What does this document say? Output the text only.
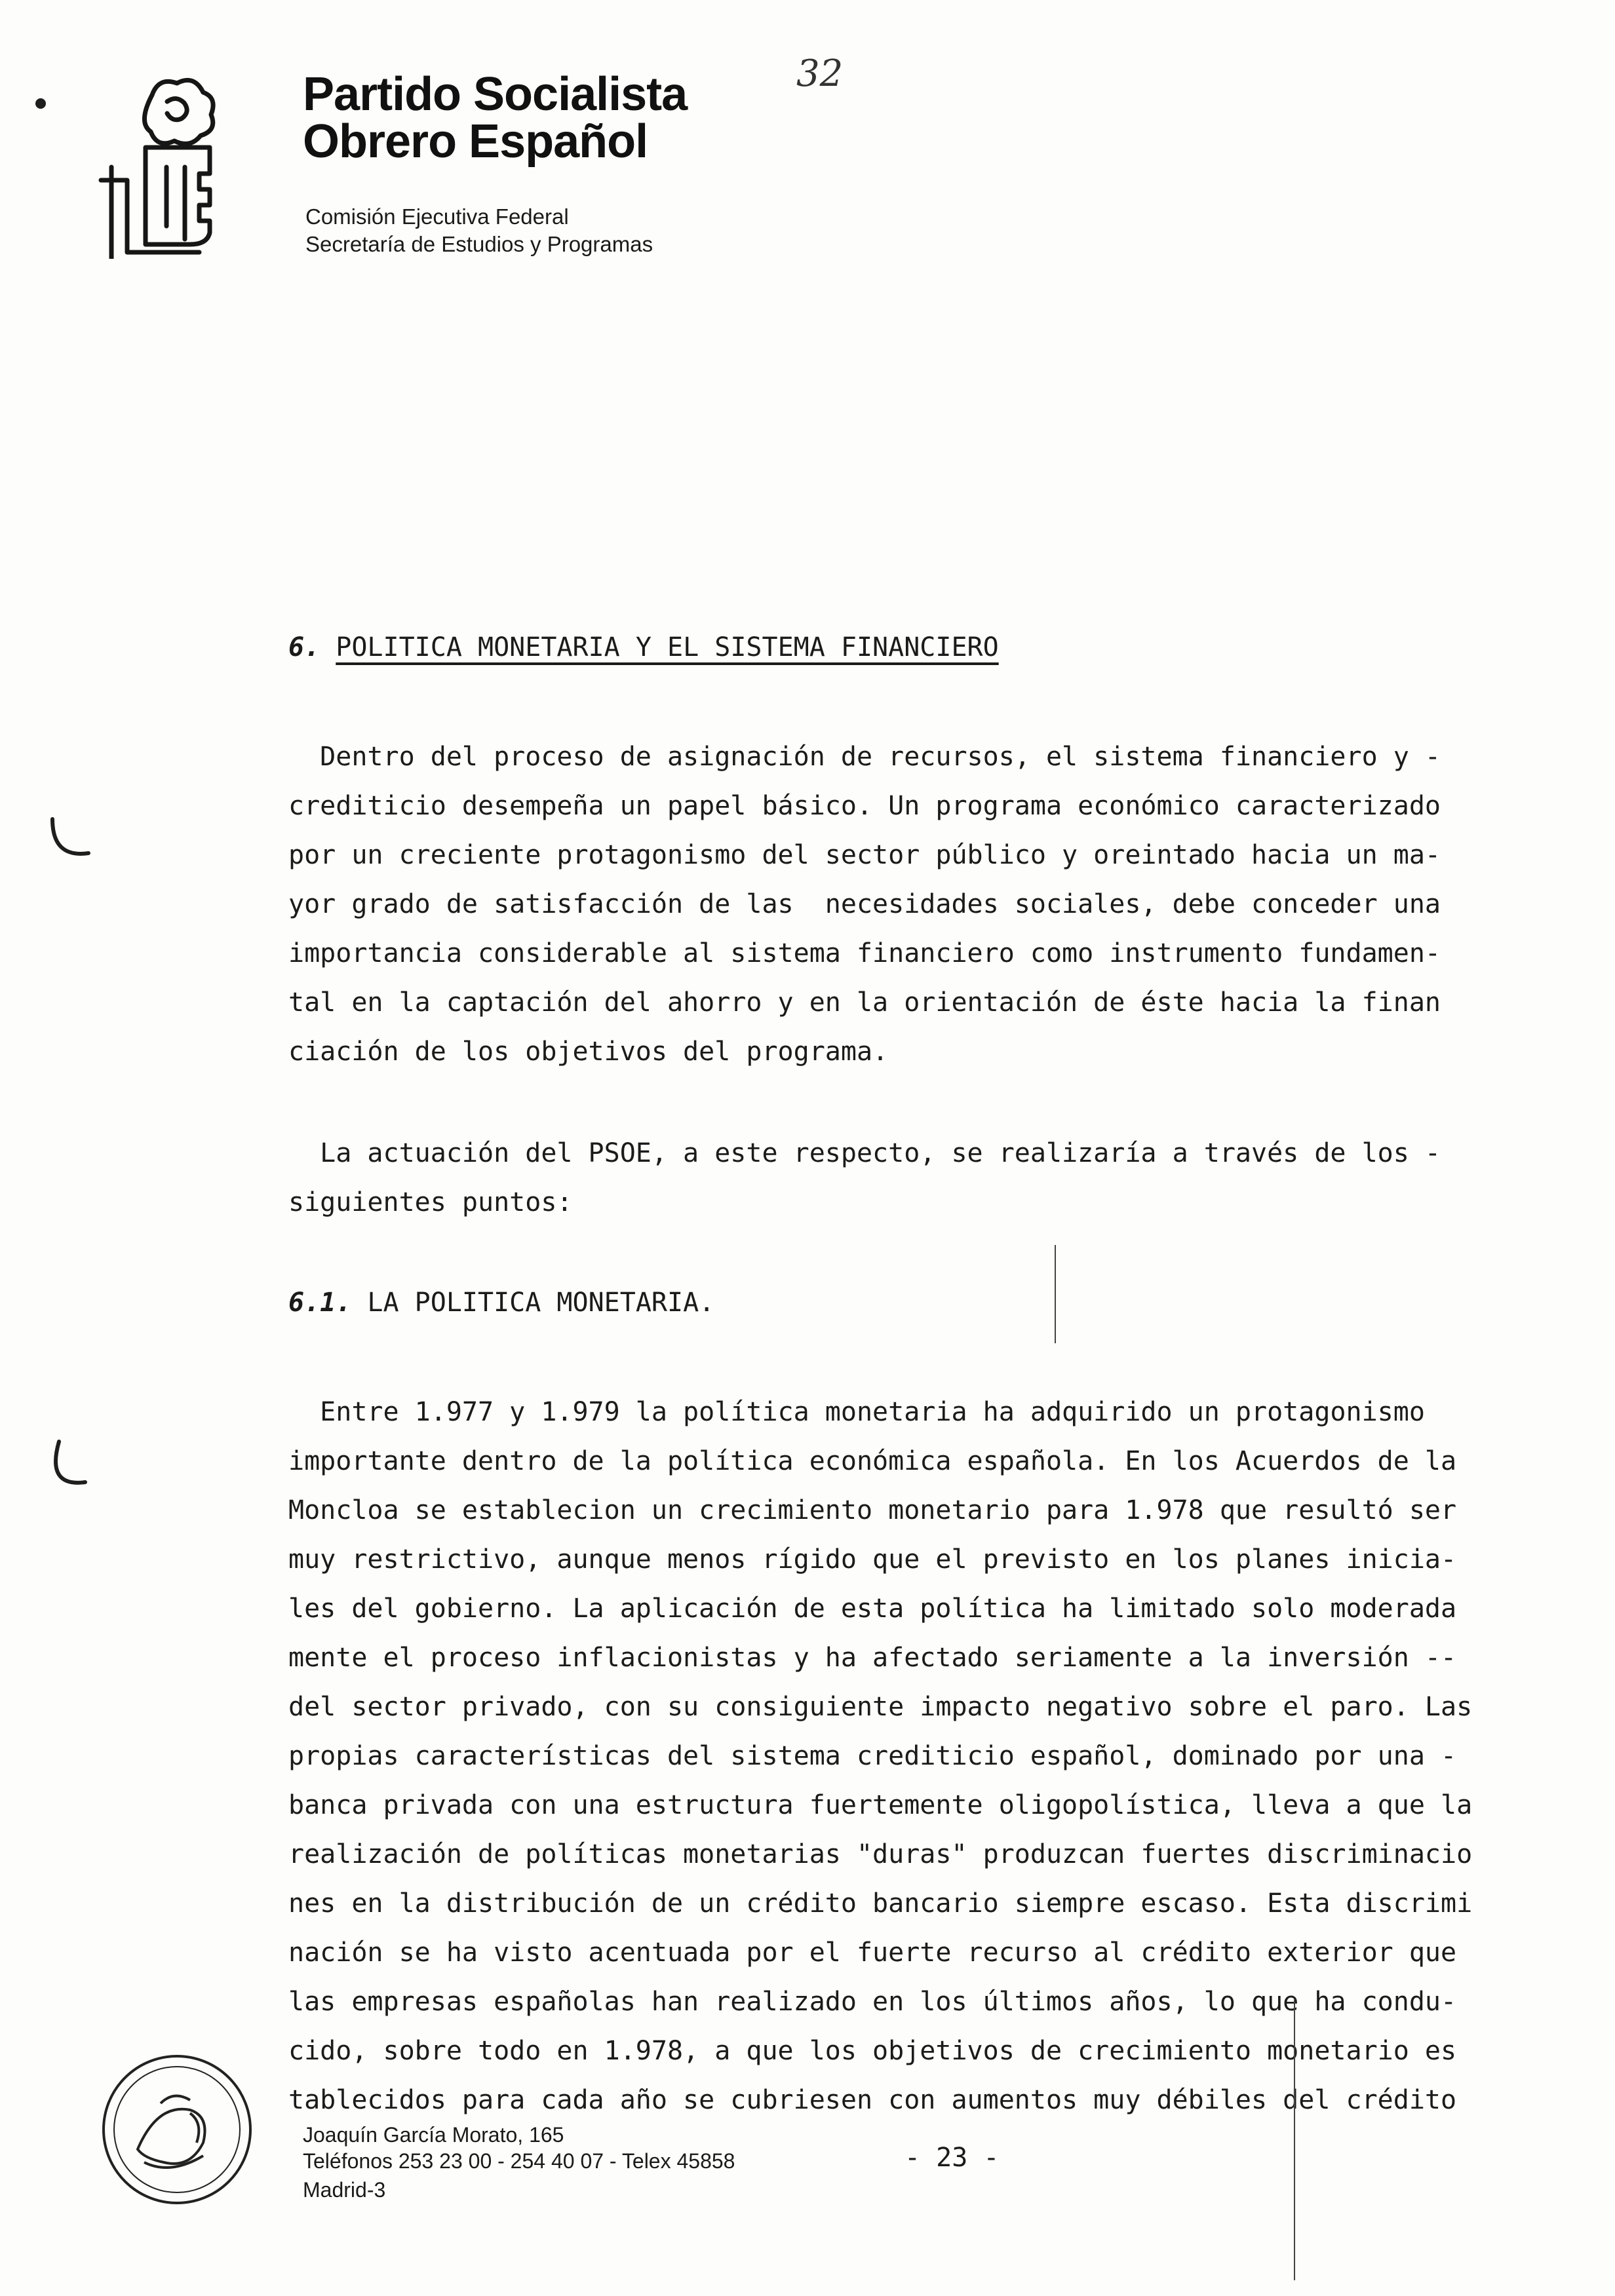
32
Partido Socialista
Obrero Español
Comisión Ejecutiva Federal
Secretaría de Estudios y Programas
6. POLITICA MONETARIA Y EL SISTEMA FINANCIERO
Dentro del proceso de asignación de recursos, el sistema financiero y -
crediticio desempeña un papel básico. Un programa económico caracterizado
por un creciente protagonismo del sector público y oreintado hacia un ma-
yor grado de satisfacción de las  necesidades sociales, debe conceder una
importancia considerable al sistema financiero como instrumento fundamen-
tal en la captación del ahorro y en la orientación de éste hacia la finan
ciación de los objetivos del programa.
La actuación del PSOE, a este respecto, se realizaría a través de los -
siguientes puntos:
6.1. LA POLITICA MONETARIA.
Entre 1.977 y 1.979 la política monetaria ha adquirido un protagonismo
importante dentro de la política económica española. En los Acuerdos de la
Moncloa se establecion un crecimiento monetario para 1.978 que resultó ser
muy restrictivo, aunque menos rígido que el previsto en los planes inicia-
les del gobierno. La aplicación de esta política ha limitado solo moderada
mente el proceso inflacionistas y ha afectado seriamente a la inversión --
del sector privado, con su consiguiente impacto negativo sobre el paro. Las
propias características del sistema crediticio español, dominado por una -
banca privada con una estructura fuertemente oligopolística, lleva a que la
realización de políticas monetarias "duras" produzcan fuertes discriminacio
nes en la distribución de un crédito bancario siempre escaso. Esta discrimi
nación se ha visto acentuada por el fuerte recurso al crédito exterior que
las empresas españolas han realizado en los últimos años, lo que ha condu-
cido, sobre todo en 1.978, a que los objetivos de crecimiento monetario es
tablecidos para cada año se cubriesen con aumentos muy débiles del crédito
Joaquín García Morato, 165
Teléfonos 253 23 00 - 254 40 07 - Telex 45858
Madrid-3
- 23 -
